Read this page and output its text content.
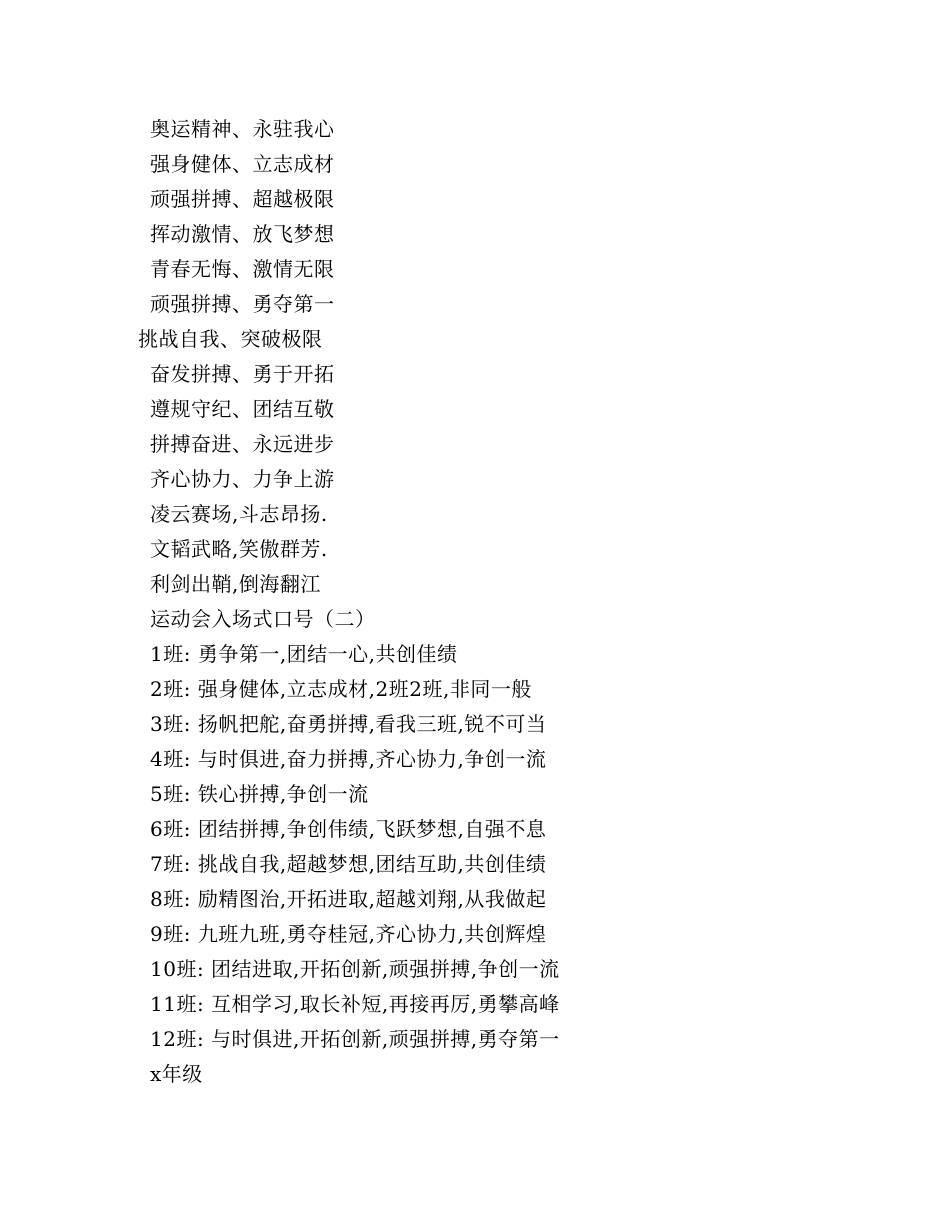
奥运精神、永驻我心
强身健体、立志成材
顽强拼搏、超越极限
挥动激情、放飞梦想
青春无悔、激情无限
顽强拼搏、勇夺第一
挑战自我、突破极限
奋发拼搏、勇于开拓
遵规守纪、团结互敬
拼搏奋进、永远进步
齐心协力、力争上游
凌云赛场,斗志昂扬.
文韬武略,笑傲群芳.
利剑出鞘,倒海翻江
运动会入场式口号（二）
1班: 勇争第一,团结一心,共创佳绩
2班: 强身健体,立志成材,2班2班,非同一般
3班: 扬帆把舵,奋勇拼搏,看我三班,锐不可当
4班: 与时俱进,奋力拼搏,齐心协力,争创一流
5班: 铁心拼搏,争创一流
6班: 团结拼搏,争创伟绩,飞跃梦想,自强不息
7班: 挑战自我,超越梦想,团结互助,共创佳绩
8班: 励精图治,开拓进取,超越刘翔,从我做起
9班: 九班九班,勇夺桂冠,齐心协力,共创辉煌
10班: 团结进取,开拓创新,顽强拼搏,争创一流
11班: 互相学习,取长补短,再接再厉,勇攀高峰
12班: 与时俱进,开拓创新,顽强拼搏,勇夺第一
x年级
